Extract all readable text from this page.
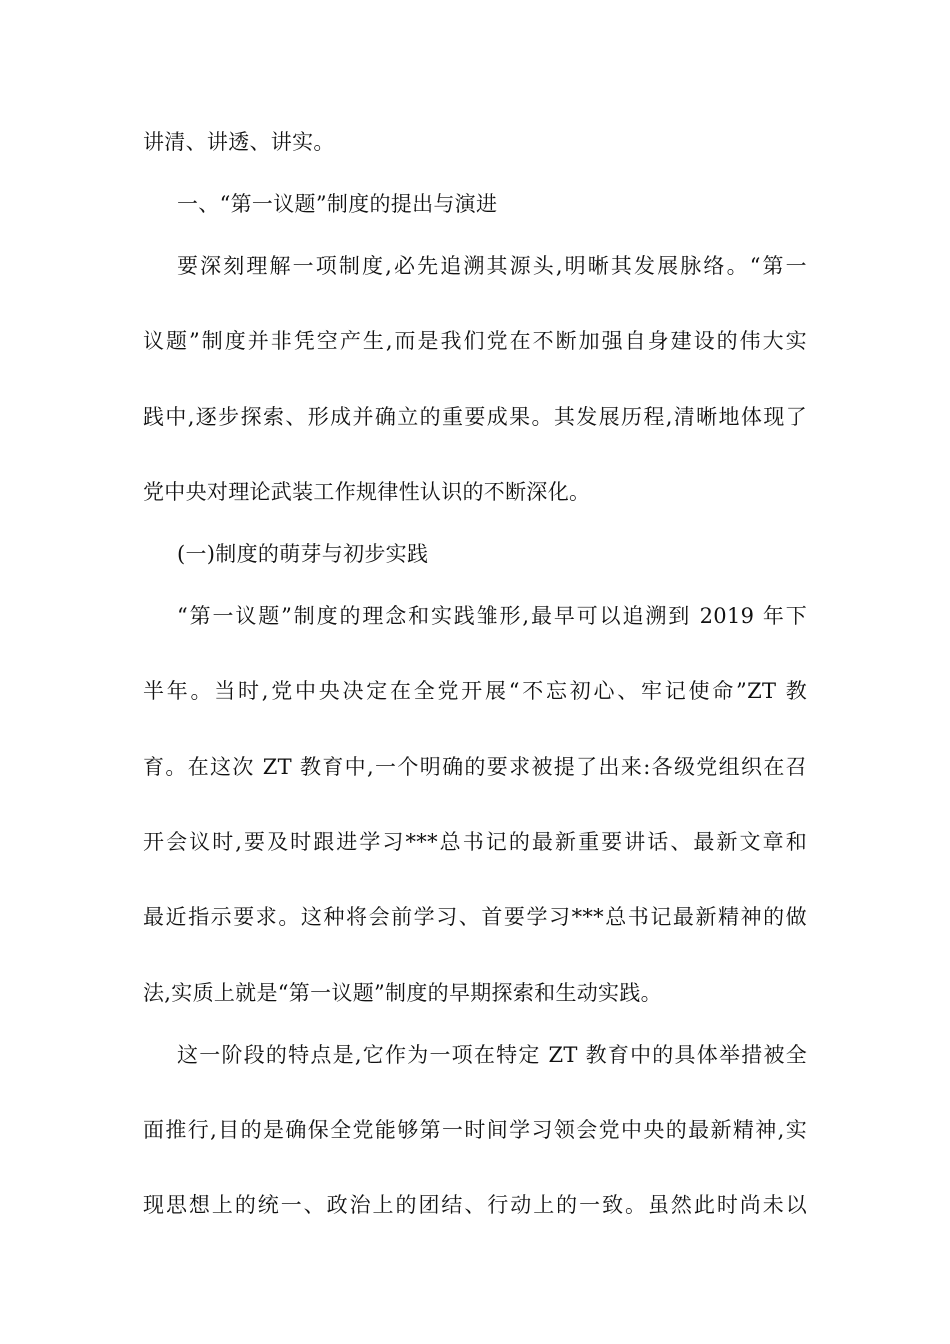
讲清、讲透、讲实。
一、“第一议题”制度的提出与演进
要深刻理解一项制度,必先追溯其源头,明晰其发展脉络。“第一
议题”制度并非凭空产生,而是我们党在不断加强自身建设的伟大实
践中,逐步探索、形成并确立的重要成果。其发展历程,清晰地体现了
党中央对理论武装工作规律性认识的不断深化。
(一)制度的萌芽与初步实践
“第一议题”制度的理念和实践雏形,最早可以追溯到 2019 年下
半年。当时,党中央决定在全党开展“不忘初心、牢记使命”ZT 教
育。在这次 ZT 教育中,一个明确的要求被提了出来:各级党组织在召
开会议时,要及时跟进学习***总书记的最新重要讲话、最新文章和
最近指示要求。这种将会前学习、首要学习***总书记最新精神的做
法,实质上就是“第一议题”制度的早期探索和生动实践。
这一阶段的特点是,它作为一项在特定 ZT 教育中的具体举措被全
面推行,目的是确保全党能够第一时间学习领会党中央的最新精神,实
现思想上的统一、政治上的团结、行动上的一致。虽然此时尚未以
